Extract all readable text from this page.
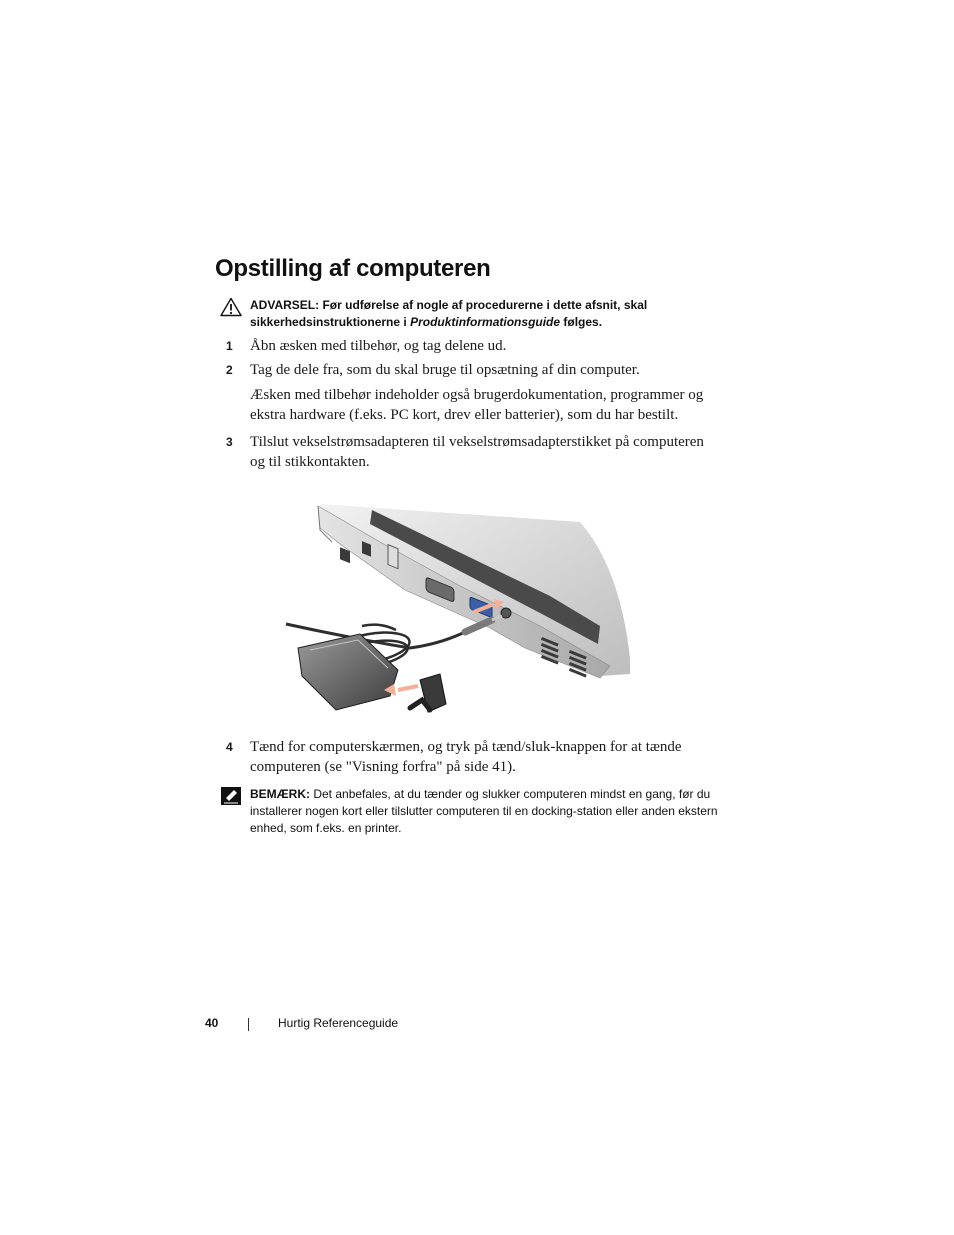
Opstilling af computeren
ADVARSEL: Før udførelse af nogle af procedurerne i dette afsnit, skal sikkerhedsinstruktionerne i Produktinformationsguide følges.
1 Åbn æsken med tilbehør, og tag delene ud.
2 Tag de dele fra, som du skal bruge til opsætning af din computer.
Æsken med tilbehør indeholder også brugerdokumentation, programmer og ekstra hardware (f.eks. PC kort, drev eller batterier), som du har bestilt.
3 Tilslut vekselstrømsadapteren til vekselstrømsadapterstikket på computeren og til stikkontakten.
4 Tænd for computerskærmen, og tryk på tænd/sluk-knappen for at tænde computeren (se "Visning forfra" på side 41).
BEMÆRK: Det anbefales, at du tænder og slukker computeren mindst en gang, før du installerer nogen kort eller tilslutter computeren til en docking-station eller anden ekstern enhed, som f.eks. en printer.
40	Hurtig Referenceguide
